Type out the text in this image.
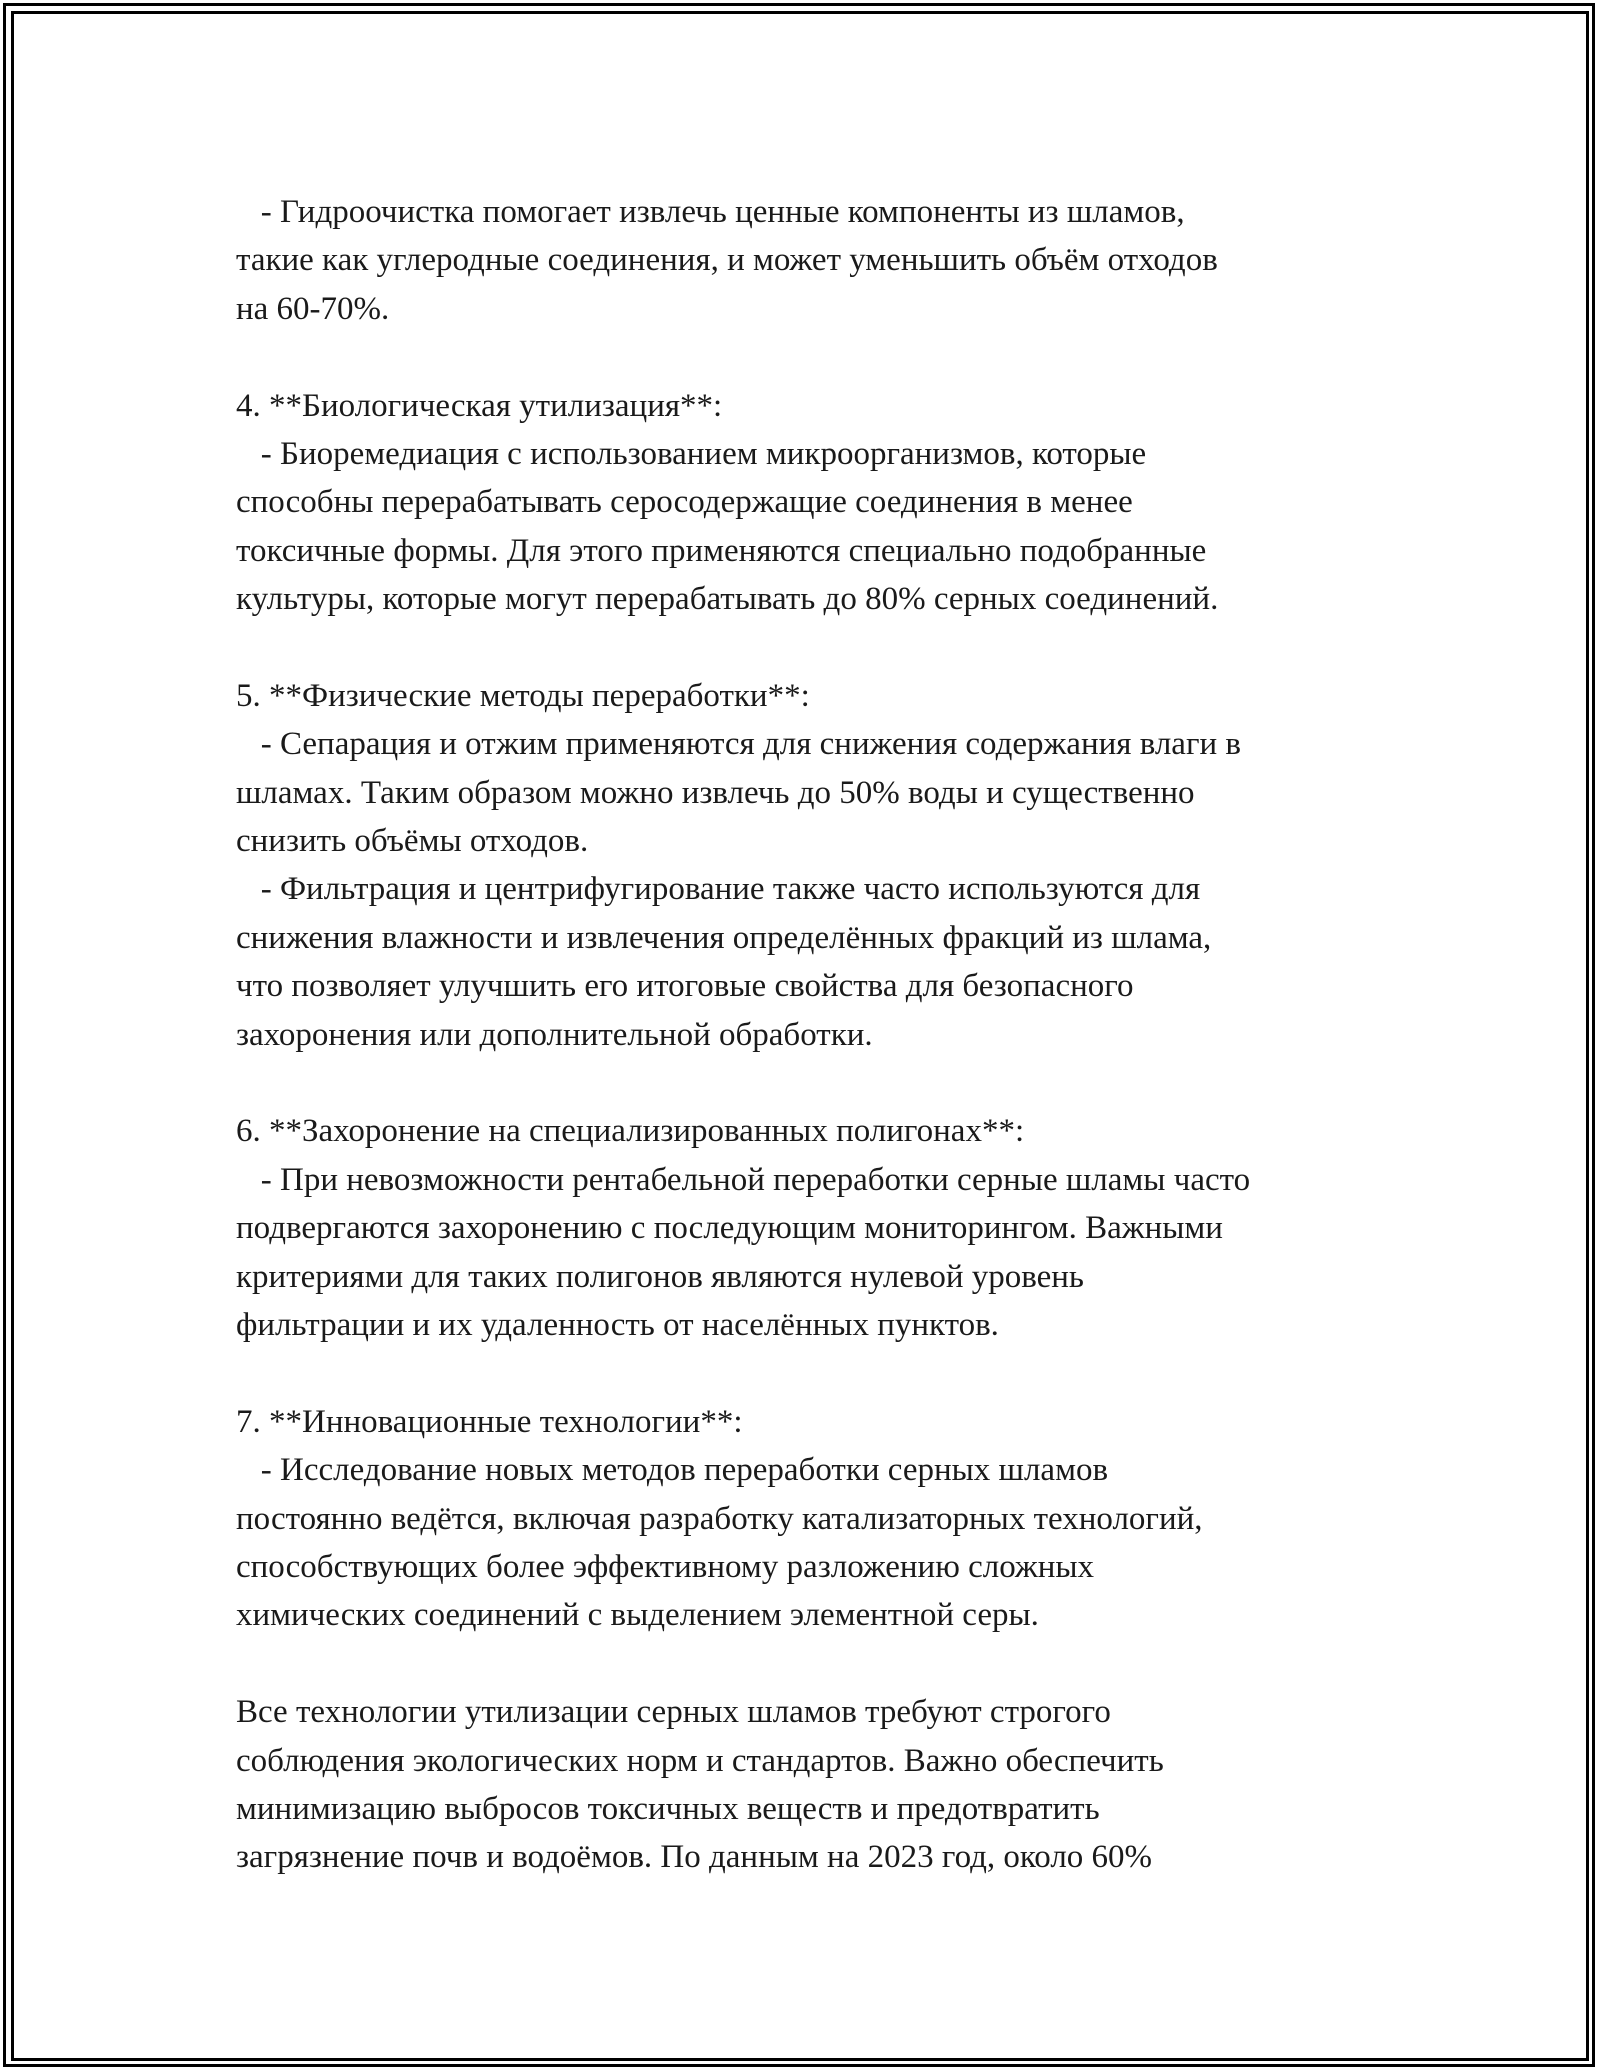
- Гидроочистка помогает извлечь ценные компоненты из шламов,
такие как углеродные соединения, и может уменьшить объём отходов
на 60-70%.
4. **Биологическая утилизация**:
- Биоремедиация с использованием микроорганизмов, которые
способны перерабатывать серосодержащие соединения в менее
токсичные формы. Для этого применяются специально подобранные
культуры, которые могут перерабатывать до 80% серных соединений.
5. **Физические методы переработки**:
- Сепарация и отжим применяются для снижения содержания влаги в
шламах. Таким образом можно извлечь до 50% воды и существенно
снизить объёмы отходов.
- Фильтрация и центрифугирование также часто используются для
снижения влажности и извлечения определённых фракций из шлама,
что позволяет улучшить его итоговые свойства для безопасного
захоронения или дополнительной обработки.
6. **Захоронение на специализированных полигонах**:
- При невозможности рентабельной переработки серные шламы часто
подвергаются захоронению с последующим мониторингом. Важными
критериями для таких полигонов являются нулевой уровень
фильтрации и их удаленность от населённых пунктов.
7. **Инновационные технологии**:
- Исследование новых методов переработки серных шламов
постоянно ведётся, включая разработку катализаторных технологий,
способствующих более эффективному разложению сложных
химических соединений с выделением элементной серы.
Все технологии утилизации серных шламов требуют строгого
соблюдения экологических норм и стандартов. Важно обеспечить
минимизацию выбросов токсичных веществ и предотвратить
загрязнение почв и водоёмов. По данным на 2023 год, около 60%
